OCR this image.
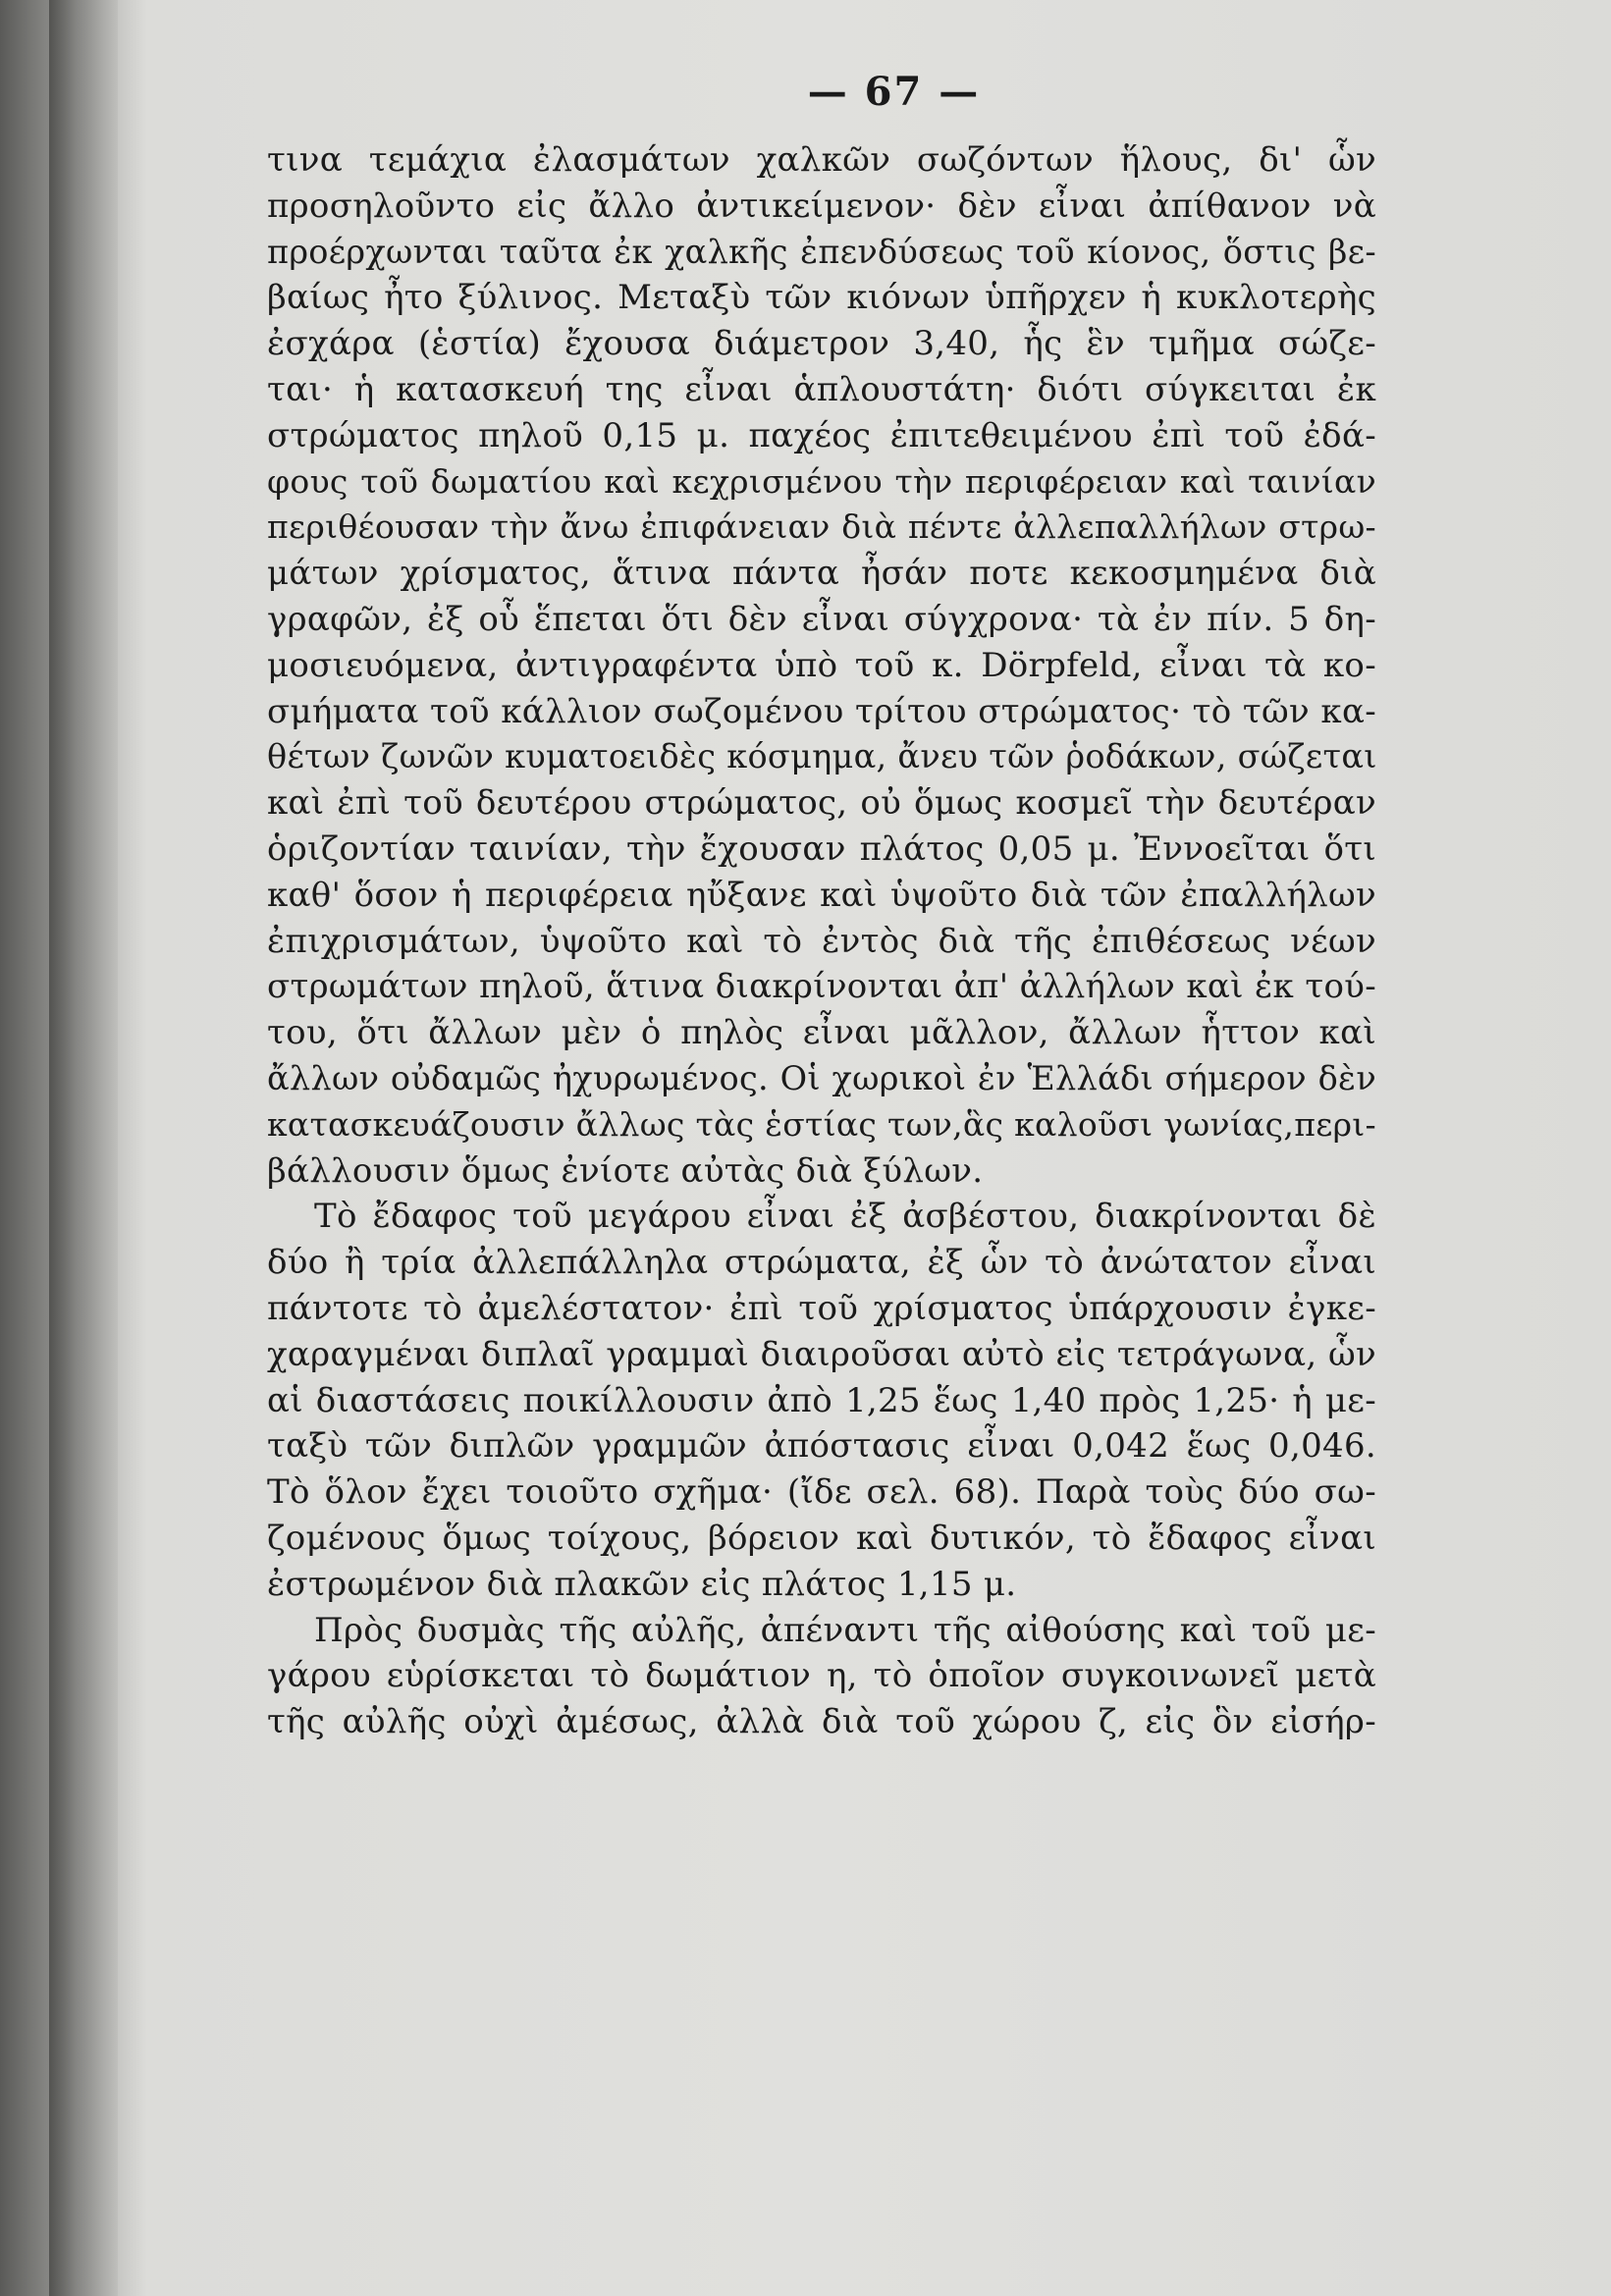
— 67 —
τινα τεμάχια ἐλασμάτων χαλκῶν σωζόντων ἥλους, δι' ὧν
προσηλοῦντο εἰς ἄλλο ἀντικείμενον· δὲν εἶναι ἀπίθανον νὰ
προέρχωνται ταῦτα ἐκ χαλκῆς ἐπενδύσεως τοῦ κίονος, ὅστις βε-
βαίως ἦτο ξύλινος. Μεταξὺ τῶν κιόνων ὑπῆρχεν ἡ κυκλοτερὴς
ἐσχάρα (ἑστία) ἔχουσα διάμετρον 3,40, ἧς ἓν τμῆμα σώζε-
ται· ἡ κατασκευή της εἶναι ἁπλουστάτη· διότι σύγκειται ἐκ
στρώματος πηλοῦ 0,15 μ. παχέος ἐπιτεθειμένου ἐπὶ τοῦ ἐδά-
φους τοῦ δωματίου καὶ κεχρισμένου τὴν περιφέρειαν καὶ ταινίαν
περιθέουσαν τὴν ἄνω ἐπιφάνειαν διὰ πέντε ἀλλεπαλλήλων στρω-
μάτων χρίσματος, ἅτινα πάντα ἦσάν ποτε κεκοσμημένα διὰ
γραφῶν, ἐξ οὗ ἕπεται ὅτι δὲν εἶναι σύγχρονα· τὰ ἐν πίν. 5 δη-
μοσιευόμενα, ἀντιγραφέντα ὑπὸ τοῦ κ. Dörpfeld, εἶναι τὰ κο-
σμήματα τοῦ κάλλιον σωζομένου τρίτου στρώματος· τὸ τῶν κα-
θέτων ζωνῶν κυματοειδὲς κόσμημα, ἄνευ τῶν ῥοδάκων, σώζεται
καὶ ἐπὶ τοῦ δευτέρου στρώματος, οὐ ὅμως κοσμεῖ τὴν δευτέραν
ὁριζοντίαν ταινίαν, τὴν ἔχουσαν πλάτος 0,05 μ. Ἐννοεῖται ὅτι
καθ' ὅσον ἡ περιφέρεια ηὔξανε καὶ ὑψοῦτο διὰ τῶν ἐπαλλήλων
ἐπιχρισμάτων, ὑψοῦτο καὶ τὸ ἐντὸς διὰ τῆς ἐπιθέσεως νέων
στρωμάτων πηλοῦ, ἅτινα διακρίνονται ἀπ' ἀλλήλων καὶ ἐκ τού-
του, ὅτι ἄλλων μὲν ὁ πηλὸς εἶναι μᾶλλον, ἄλλων ἧττον καὶ
ἄλλων οὐδαμῶς ἠχυρωμένος. Οἱ χωρικοὶ ἐν Ἑλλάδι σήμερον δὲν
κατασκευάζουσιν ἄλλως τὰς ἑστίας των,ἃς καλοῦσι γωνίας,περι-
βάλλουσιν ὅμως ἐνίοτε αὐτὰς διὰ ξύλων.
Τὸ ἔδαφος τοῦ μεγάρου εἶναι ἐξ ἀσβέστου, διακρίνονται δὲ
δύο ἢ τρία ἀλλεπάλληλα στρώματα, ἐξ ὧν τὸ ἀνώτατον εἶναι
πάντοτε τὸ ἀμελέστατον· ἐπὶ τοῦ χρίσματος ὑπάρχουσιν ἐγκε-
χαραγμέναι διπλαῖ γραμμαὶ διαιροῦσαι αὐτὸ εἰς τετράγωνα, ὧν
αἱ διαστάσεις ποικίλλουσιν ἀπὸ 1,25 ἕως 1,40 πρὸς 1,25· ἡ με-
ταξὺ τῶν διπλῶν γραμμῶν ἀπόστασις εἶναι 0,042 ἕως 0,046.
Τὸ ὅλον ἔχει τοιοῦτο σχῆμα· (ἴδε σελ. 68). Παρὰ τοὺς δύο σω-
ζομένους ὅμως τοίχους, βόρειον καὶ δυτικόν, τὸ ἔδαφος εἶναι
ἐστρωμένον διὰ πλακῶν εἰς πλάτος 1,15 μ.
Πρὸς δυσμὰς τῆς αὐλῆς, ἀπέναντι τῆς αἰθούσης καὶ τοῦ με-
γάρου εὑρίσκεται τὸ δωμάτιον η, τὸ ὁποῖον συγκοινωνεῖ μετὰ
τῆς αὐλῆς οὐχὶ ἀμέσως, ἀλλὰ διὰ τοῦ χώρου ζ, εἰς ὃν εἰσήρ-
